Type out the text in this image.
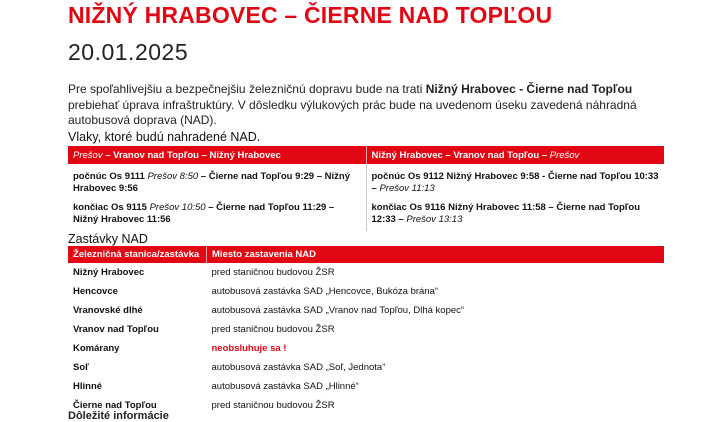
NIŽNÝ HRABOVEC – ČIERNE NAD TOPĽOU
20.01.2025
Pre spoľahlivejšiu a bezpečnejšiu železničnú dopravu bude na trati Nižný Hrabovec - Čierne nad Topľou prebiehať úprava infraštruktúry. V dôsledku výlukových prác bude na uvedenom úseku zavedená náhradná autobusová doprava (NAD).
Vlaky, ktoré budú nahradené NAD.
Prešov – Vranov nad Topľou – Nižný Hrabovec	Nižný Hrabovec – Vranov nad Topľou – Prešov
počnúc Os 9111 Prešov 8:50 – Čierne nad Topľou 9:29 – Nižný Hrabovec 9:56	počnúc Os 9112 Nižný Hrabovec 9:58 - Čierne nad Topľou 10:33 – Prešov 11:13
končiac Os 9115 Prešov 10:50 – Čierne nad Topľou 11:29 – Nižný Hrabovec 11:56	končiac Os 9116 Nižný Hrabovec 11:58 – Čierne nad Topľou 12:33 – Prešov 13:13
Zastávky NAD
Železničná stanica/zastávka	Miesto zastavenia NAD
Nižný Hrabovec	pred staničnou budovou ŽSR
Hencovce	autobusová zastávka SAD „Hencovce, Bukóza brána“
Vranovské dlhé	autobusová zastávka SAD „Vranov nad Topľou, Dlhá kopec“
Vranov nad Topľou	pred staničnou budovou ŽSR
Komárany	neobsluhuje sa !
Soľ	autobusová zastávka SAD „Soľ, Jednota“
Hlinné	autobusová zastávka SAD „Hlinné“
Čierne nad Topľou	pred staničnou budovou ŽSR
Dôležité informácie
